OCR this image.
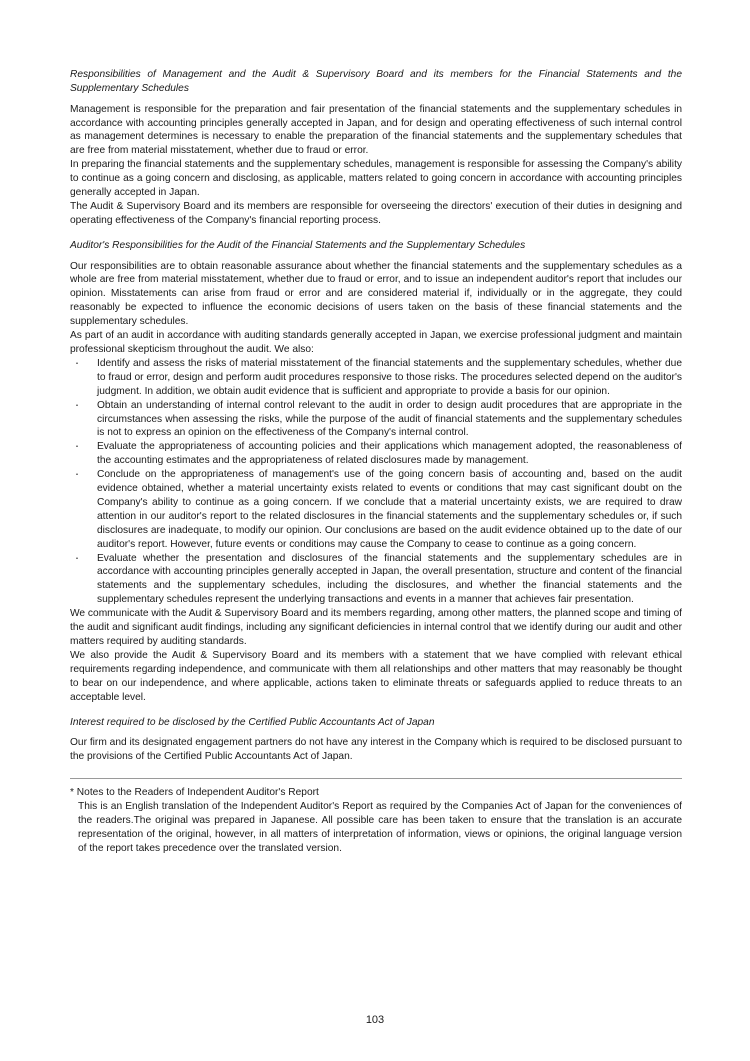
Responsibilities of Management and the Audit & Supervisory Board and its members for the Financial Statements and the Supplementary Schedules

Management is responsible for the preparation and fair presentation of the financial statements and the supplementary schedules in accordance with accounting principles generally accepted in Japan, and for design and operating effectiveness of such internal control as management determines is necessary to enable the preparation of the financial statements and the supplementary schedules that are free from material misstatement, whether due to fraud or error.

In preparing the financial statements and the supplementary schedules, management is responsible for assessing the Company's ability to continue as a going concern and disclosing, as applicable, matters related to going concern in accordance with accounting principles generally accepted in Japan.

The Audit & Supervisory Board and its members are responsible for overseeing the directors' execution of their duties in designing and operating effectiveness of the Company's financial reporting process.

Auditor's Responsibilities for the Audit of the Financial Statements and the Supplementary Schedules

Our responsibilities are to obtain reasonable assurance about whether the financial statements and the supplementary schedules as a whole are free from material misstatement, whether due to fraud or error, and to issue an independent auditor's report that includes our opinion. Misstatements can arise from fraud or error and are considered material if, individually or in the aggregate, they could reasonably be expected to influence the economic decisions of users taken on the basis of these financial statements and the supplementary schedules.

As part of an audit in accordance with auditing standards generally accepted in Japan, we exercise professional judgment and maintain professional skepticism throughout the audit. We also:

・ Identify and assess the risks of material misstatement of the financial statements and the supplementary schedules, whether due to fraud or error, design and perform audit procedures responsive to those risks. The procedures selected depend on the auditor's judgment. In addition, we obtain audit evidence that is sufficient and appropriate to provide a basis for our opinion.
・ Obtain an understanding of internal control relevant to the audit in order to design audit procedures that are appropriate in the circumstances when assessing the risks, while the purpose of the audit of financial statements and the supplementary schedules is not to express an opinion on the effectiveness of the Company's internal control.
・ Evaluate the appropriateness of accounting policies and their applications which management adopted, the reasonableness of the accounting estimates and the appropriateness of related disclosures made by management.
・ Conclude on the appropriateness of management's use of the going concern basis of accounting and, based on the audit evidence obtained, whether a material uncertainty exists related to events or conditions that may cast significant doubt on the Company's ability to continue as a going concern. If we conclude that a material uncertainty exists, we are required to draw attention in our auditor's report to the related disclosures in the financial statements and the supplementary schedules or, if such disclosures are inadequate, to modify our opinion. Our conclusions are based on the audit evidence obtained up to the date of our auditor's report. However, future events or conditions may cause the Company to cease to continue as a going concern.
・ Evaluate whether the presentation and disclosures of the financial statements and the supplementary schedules are in accordance with accounting principles generally accepted in Japan, the overall presentation, structure and content of the financial statements and the supplementary schedules, including the disclosures, and whether the financial statements and the supplementary schedules represent the underlying transactions and events in a manner that achieves fair presentation.

We communicate with the Audit & Supervisory Board and its members regarding, among other matters, the planned scope and timing of the audit and significant audit findings, including any significant deficiencies in internal control that we identify during our audit and other matters required by auditing standards.

We also provide the Audit & Supervisory Board and its members with a statement that we have complied with relevant ethical requirements regarding independence, and communicate with them all relationships and other matters that may reasonably be thought to bear on our independence, and where applicable, actions taken to eliminate threats or safeguards applied to reduce threats to an acceptable level.

Interest required to be disclosed by the Certified Public Accountants Act of Japan

Our firm and its designated engagement partners do not have any interest in the Company which is required to be disclosed pursuant to the provisions of the Certified Public Accountants Act of Japan.

* Notes to the Readers of Independent Auditor's Report

This is an English translation of the Independent Auditor's Report as required by the Companies Act of Japan for the conveniences of the readers.The original was prepared in Japanese. All possible care has been taken to ensure that the translation is an accurate representation of the original, however, in all matters of interpretation of information, views or opinions, the original language version of the report takes precedence over the translated version.

103
